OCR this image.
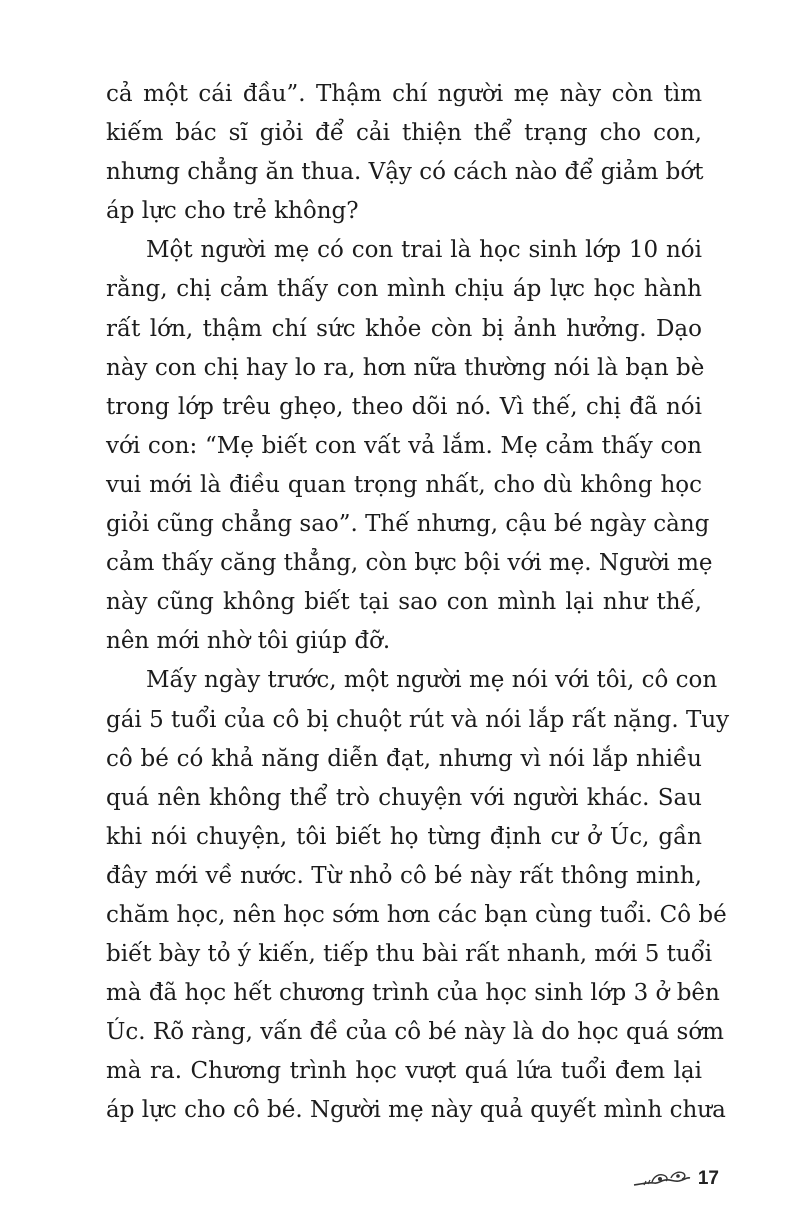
cả một cái đầu”. Thậm chí người mẹ này còn tìm
kiếm bác sĩ giỏi để cải thiện thể trạng cho con,
nhưng chẳng ăn thua. Vậy có cách nào để giảm bớt
áp lực cho trẻ không?
Một người mẹ có con trai là học sinh lớp 10 nói
rằng, chị cảm thấy con mình chịu áp lực học hành
rất lớn, thậm chí sức khỏe còn bị ảnh hưởng. Dạo
này con chị hay lo ra, hơn nữa thường nói là bạn bè
trong lớp trêu ghẹo, theo dõi nó. Vì thế, chị đã nói
với con: “Mẹ biết con vất vả lắm. Mẹ cảm thấy con
vui mới là điều quan trọng nhất, cho dù không học
giỏi cũng chẳng sao”. Thế nhưng, cậu bé ngày càng
cảm thấy căng thẳng, còn bực bội với mẹ. Người mẹ
này cũng không biết tại sao con mình lại như thế,
nên mới nhờ tôi giúp đỡ.
Mấy ngày trước, một người mẹ nói với tôi, cô con
gái 5 tuổi của cô bị chuột rút và nói lắp rất nặng. Tuy
cô bé có khả năng diễn đạt, nhưng vì nói lắp nhiều
quá nên không thể trò chuyện với người khác. Sau
khi nói chuyện, tôi biết họ từng định cư ở Úc, gần
đây mới về nước. Từ nhỏ cô bé này rất thông minh,
chăm học, nên học sớm hơn các bạn cùng tuổi. Cô bé
biết bày tỏ ý kiến, tiếp thu bài rất nhanh, mới 5 tuổi
mà đã học hết chương trình của học sinh lớp 3 ở bên
Úc. Rõ ràng, vấn đề của cô bé này là do học quá sớm
mà ra. Chương trình học vượt quá lứa tuổi đem lại
áp lực cho cô bé. Người mẹ này quả quyết mình chưa
17
